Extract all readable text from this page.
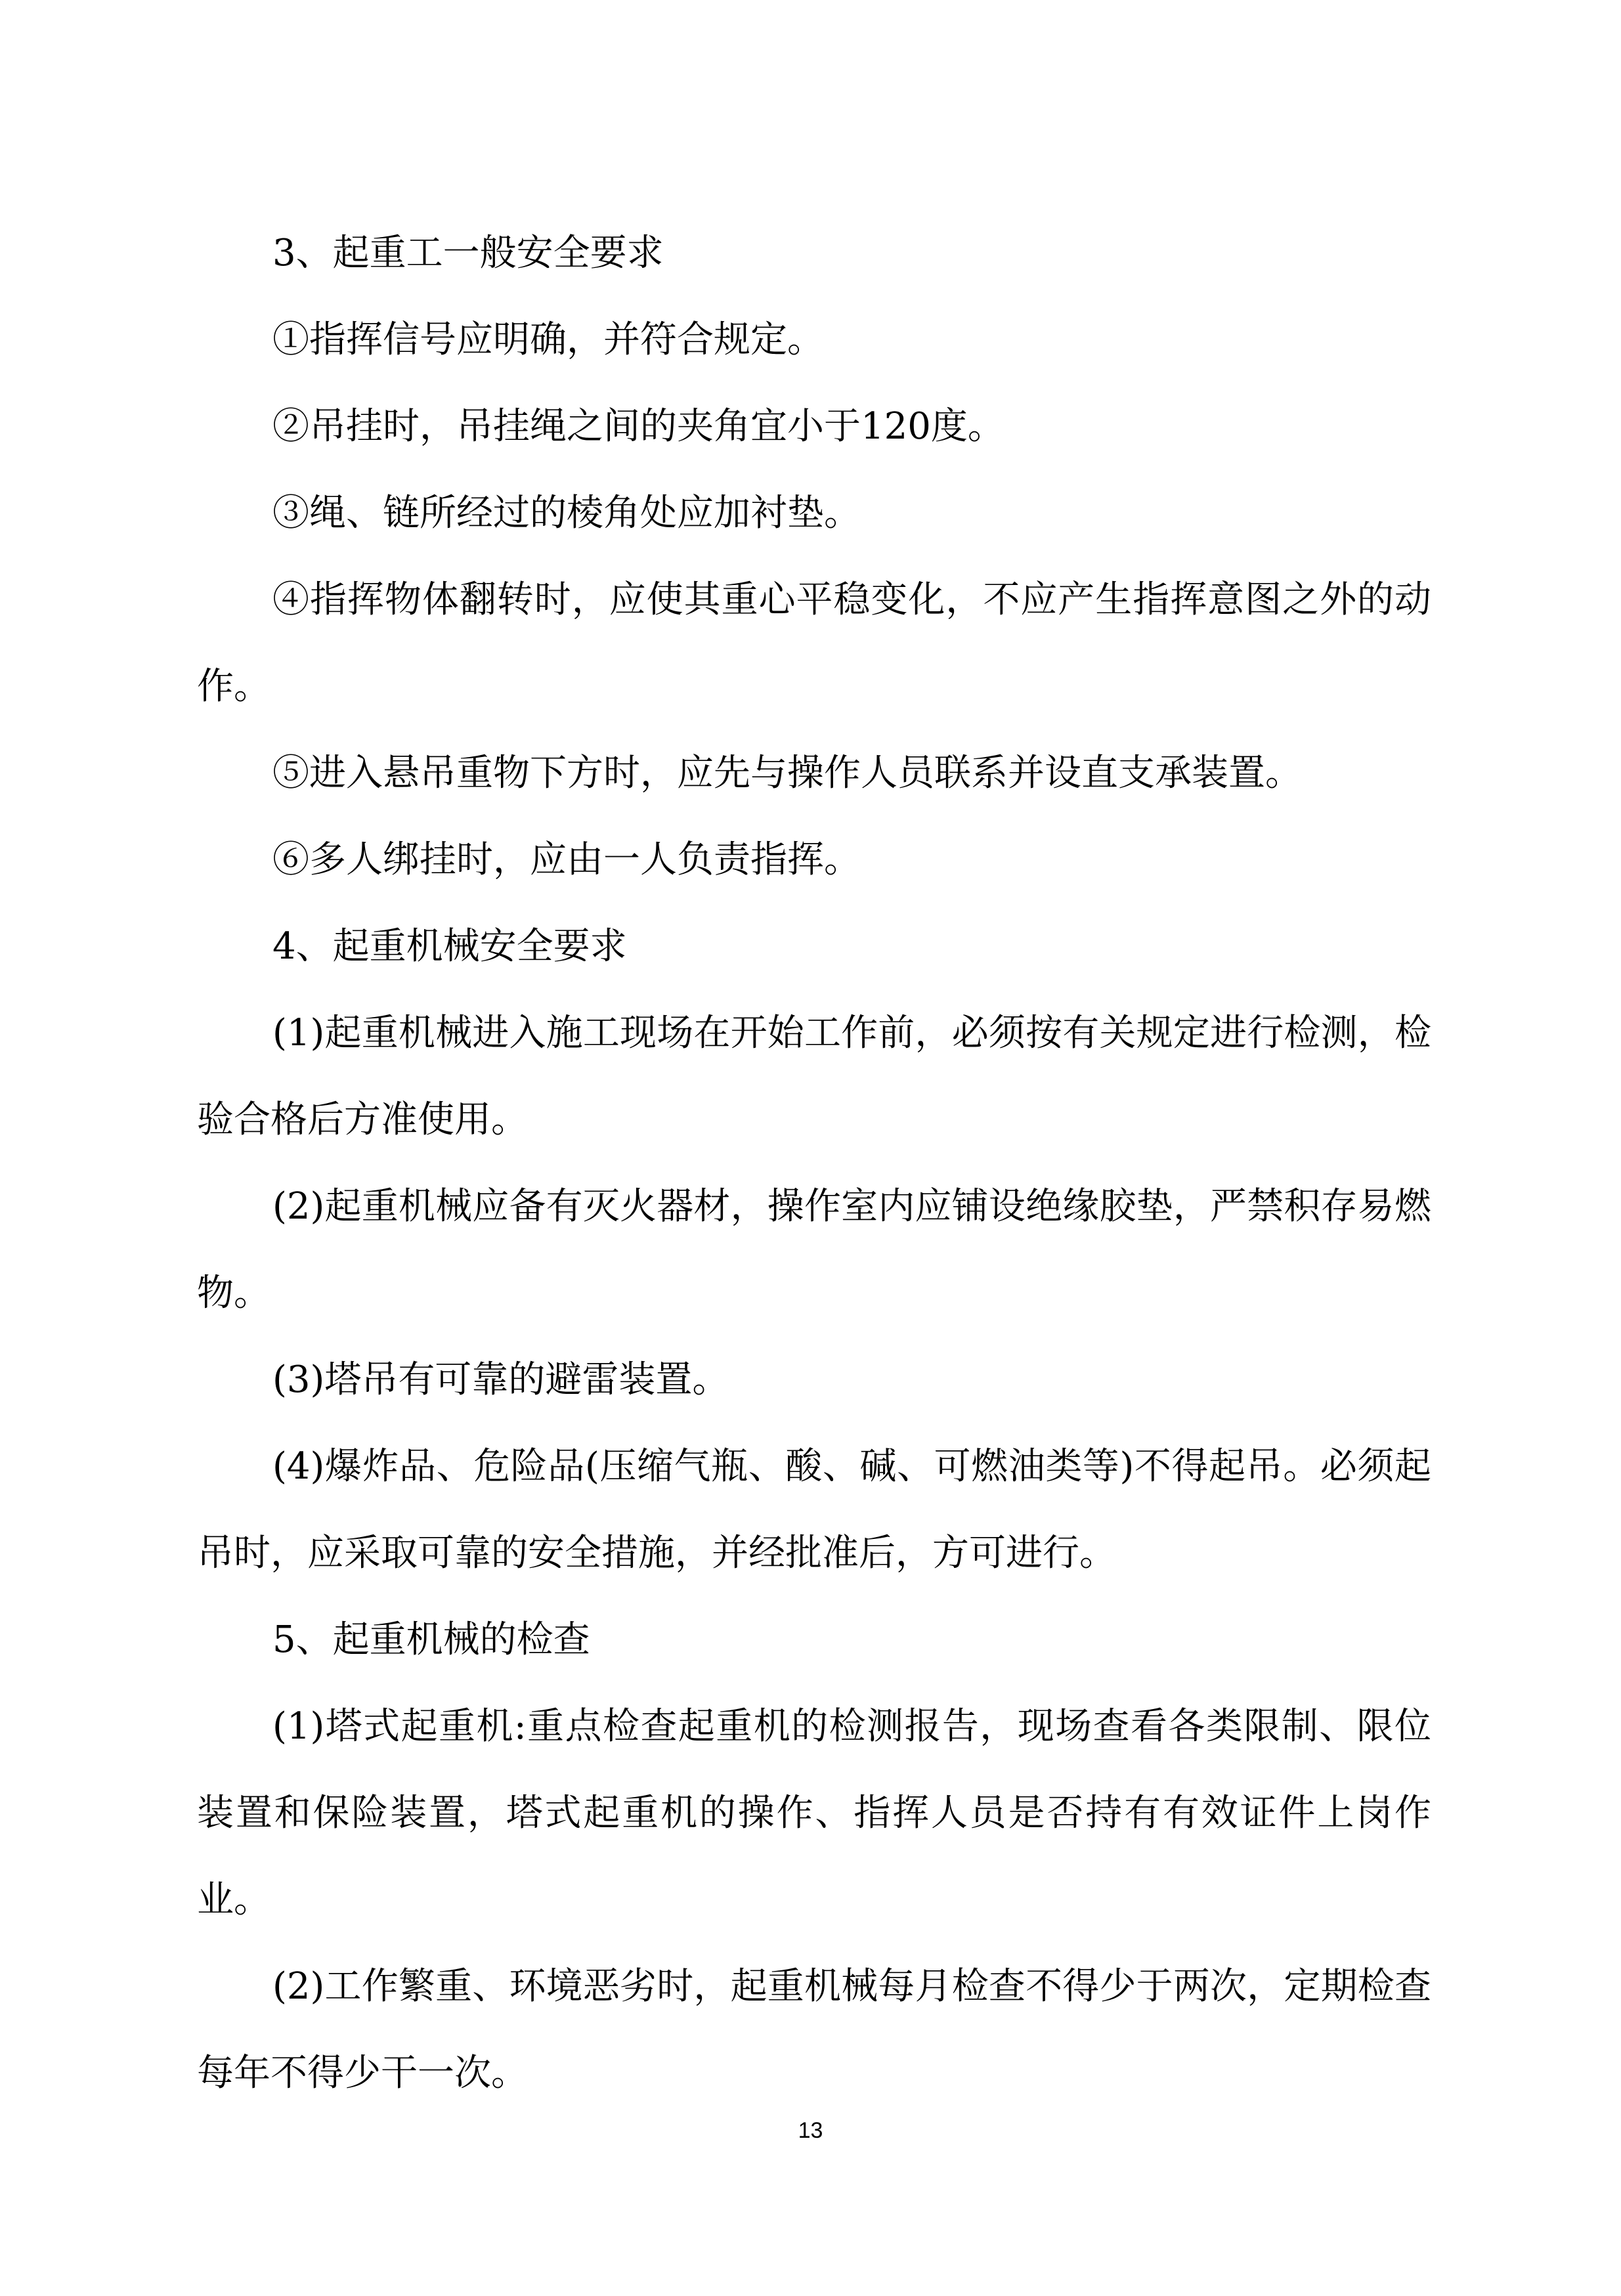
3、起重工一般安全要求

①指挥信号应明确，并符合规定。

②吊挂时，吊挂绳之间的夹角宜小于120度。

③绳、链所经过的棱角处应加衬垫。

④指挥物体翻转时，应使其重心平稳变化，不应产生指挥意图之外的动作。

⑤进入悬吊重物下方时，应先与操作人员联系并设直支承装置。

⑥多人绑挂时，应由一人负责指挥。

4、起重机械安全要求

(1)起重机械进入施工现场在开始工作前，必须按有关规定进行检测，检验合格后方准使用。

(2)起重机械应备有灭火器材，操作室内应铺设绝缘胶垫，严禁积存易燃物。

(3)塔吊有可靠的避雷装置。

(4)爆炸品、危险品(压缩气瓶、酸、碱、可燃油类等)不得起吊。必须起吊时，应采取可靠的安全措施，并经批准后，方可进行。

5、起重机械的检查

(1)塔式起重机:重点检查起重机的检测报告，现场查看各类限制、限位装置和保险装置，塔式起重机的操作、指挥人员是否持有有效证件上岗作业。

(2)工作繁重、环境恶劣时，起重机械每月检查不得少于两次，定期检查每年不得少干一次。

13
